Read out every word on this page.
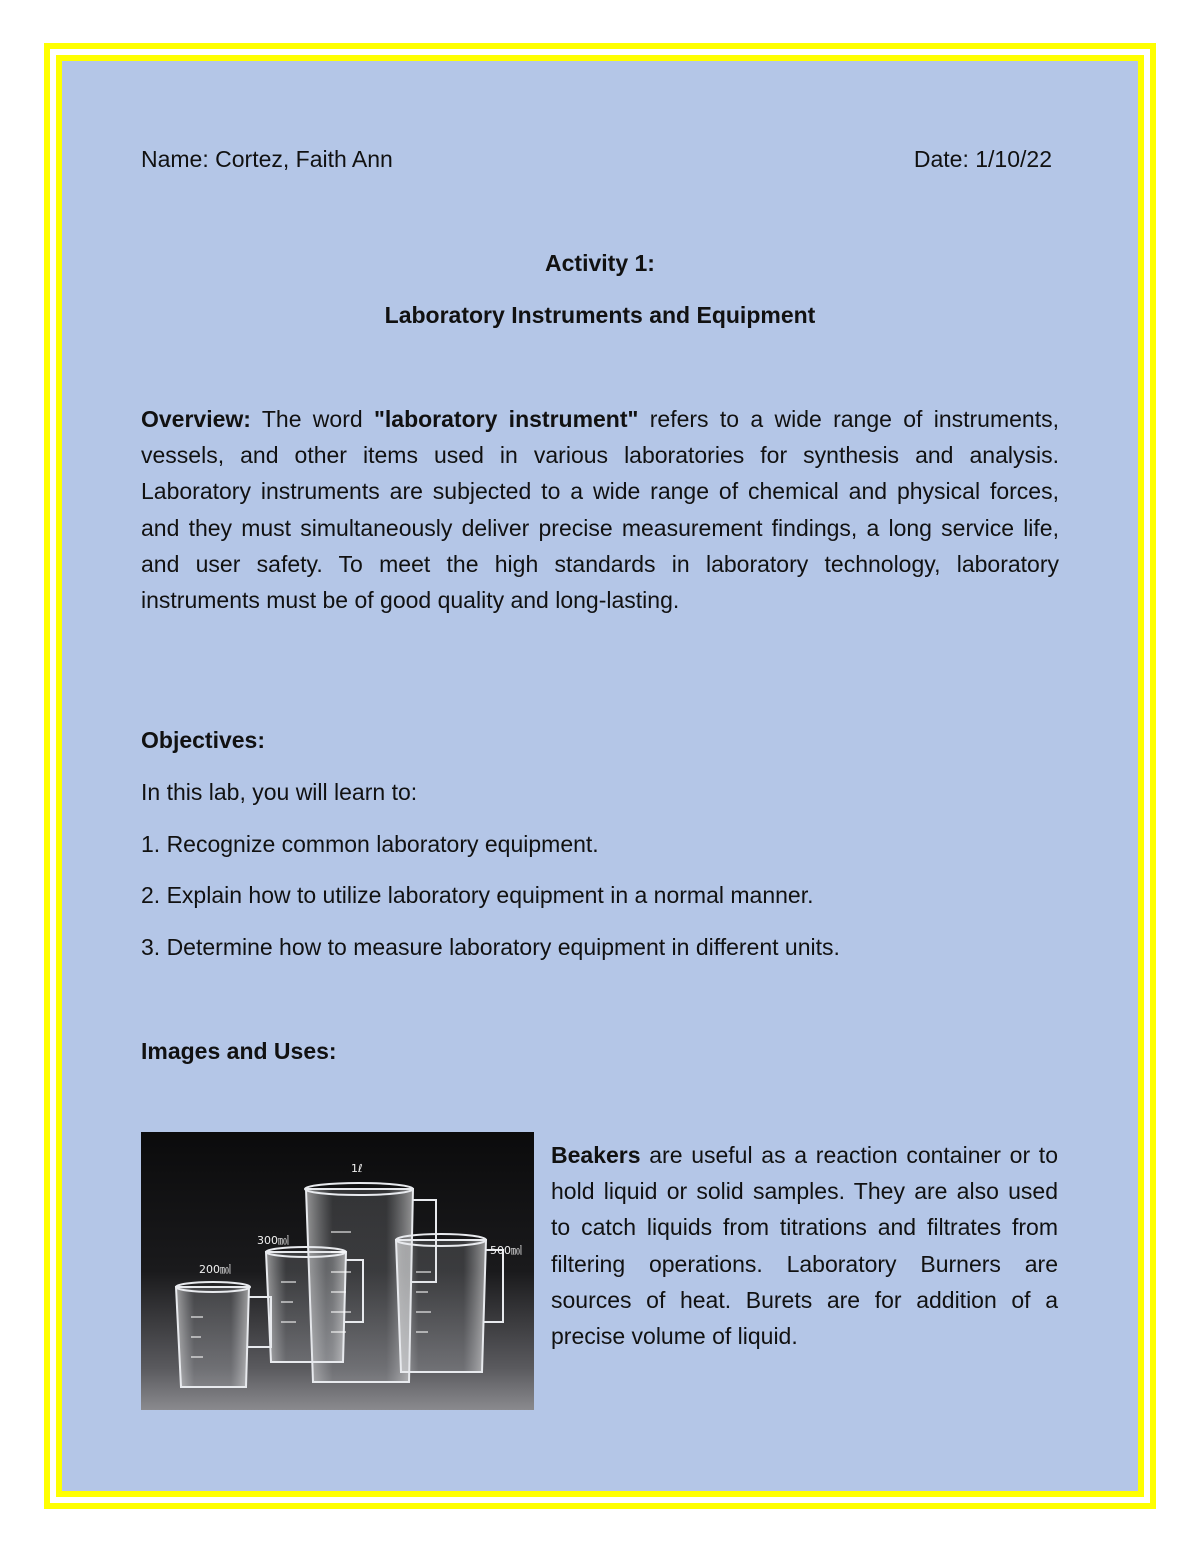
Name: Cortez, Faith Ann	Date: 1/10/22
Activity 1:
Laboratory Instruments and Equipment
Overview: The word "laboratory instrument" refers to a wide range of instruments, vessels, and other items used in various laboratories for synthesis and analysis. Laboratory instruments are subjected to a wide range of chemical and physical forces, and they must simultaneously deliver precise measurement findings, a long service life, and user safety. To meet the high standards in laboratory technology, laboratory instruments must be of good quality and long-lasting.
Objectives:
In this lab, you will learn to:
1. Recognize common laboratory equipment.
2. Explain how to utilize laboratory equipment in a normal manner.
3. Determine how to measure laboratory equipment in different units.
Images and Uses:
1ℓ
300㏖
200㏖
500㏖
Beakers are useful as a reaction container or to hold liquid or solid samples. They are also used to catch liquids from titrations and filtrates from filtering operations. Laboratory Burners are sources of heat. Burets are for addition of a precise volume of liquid.
